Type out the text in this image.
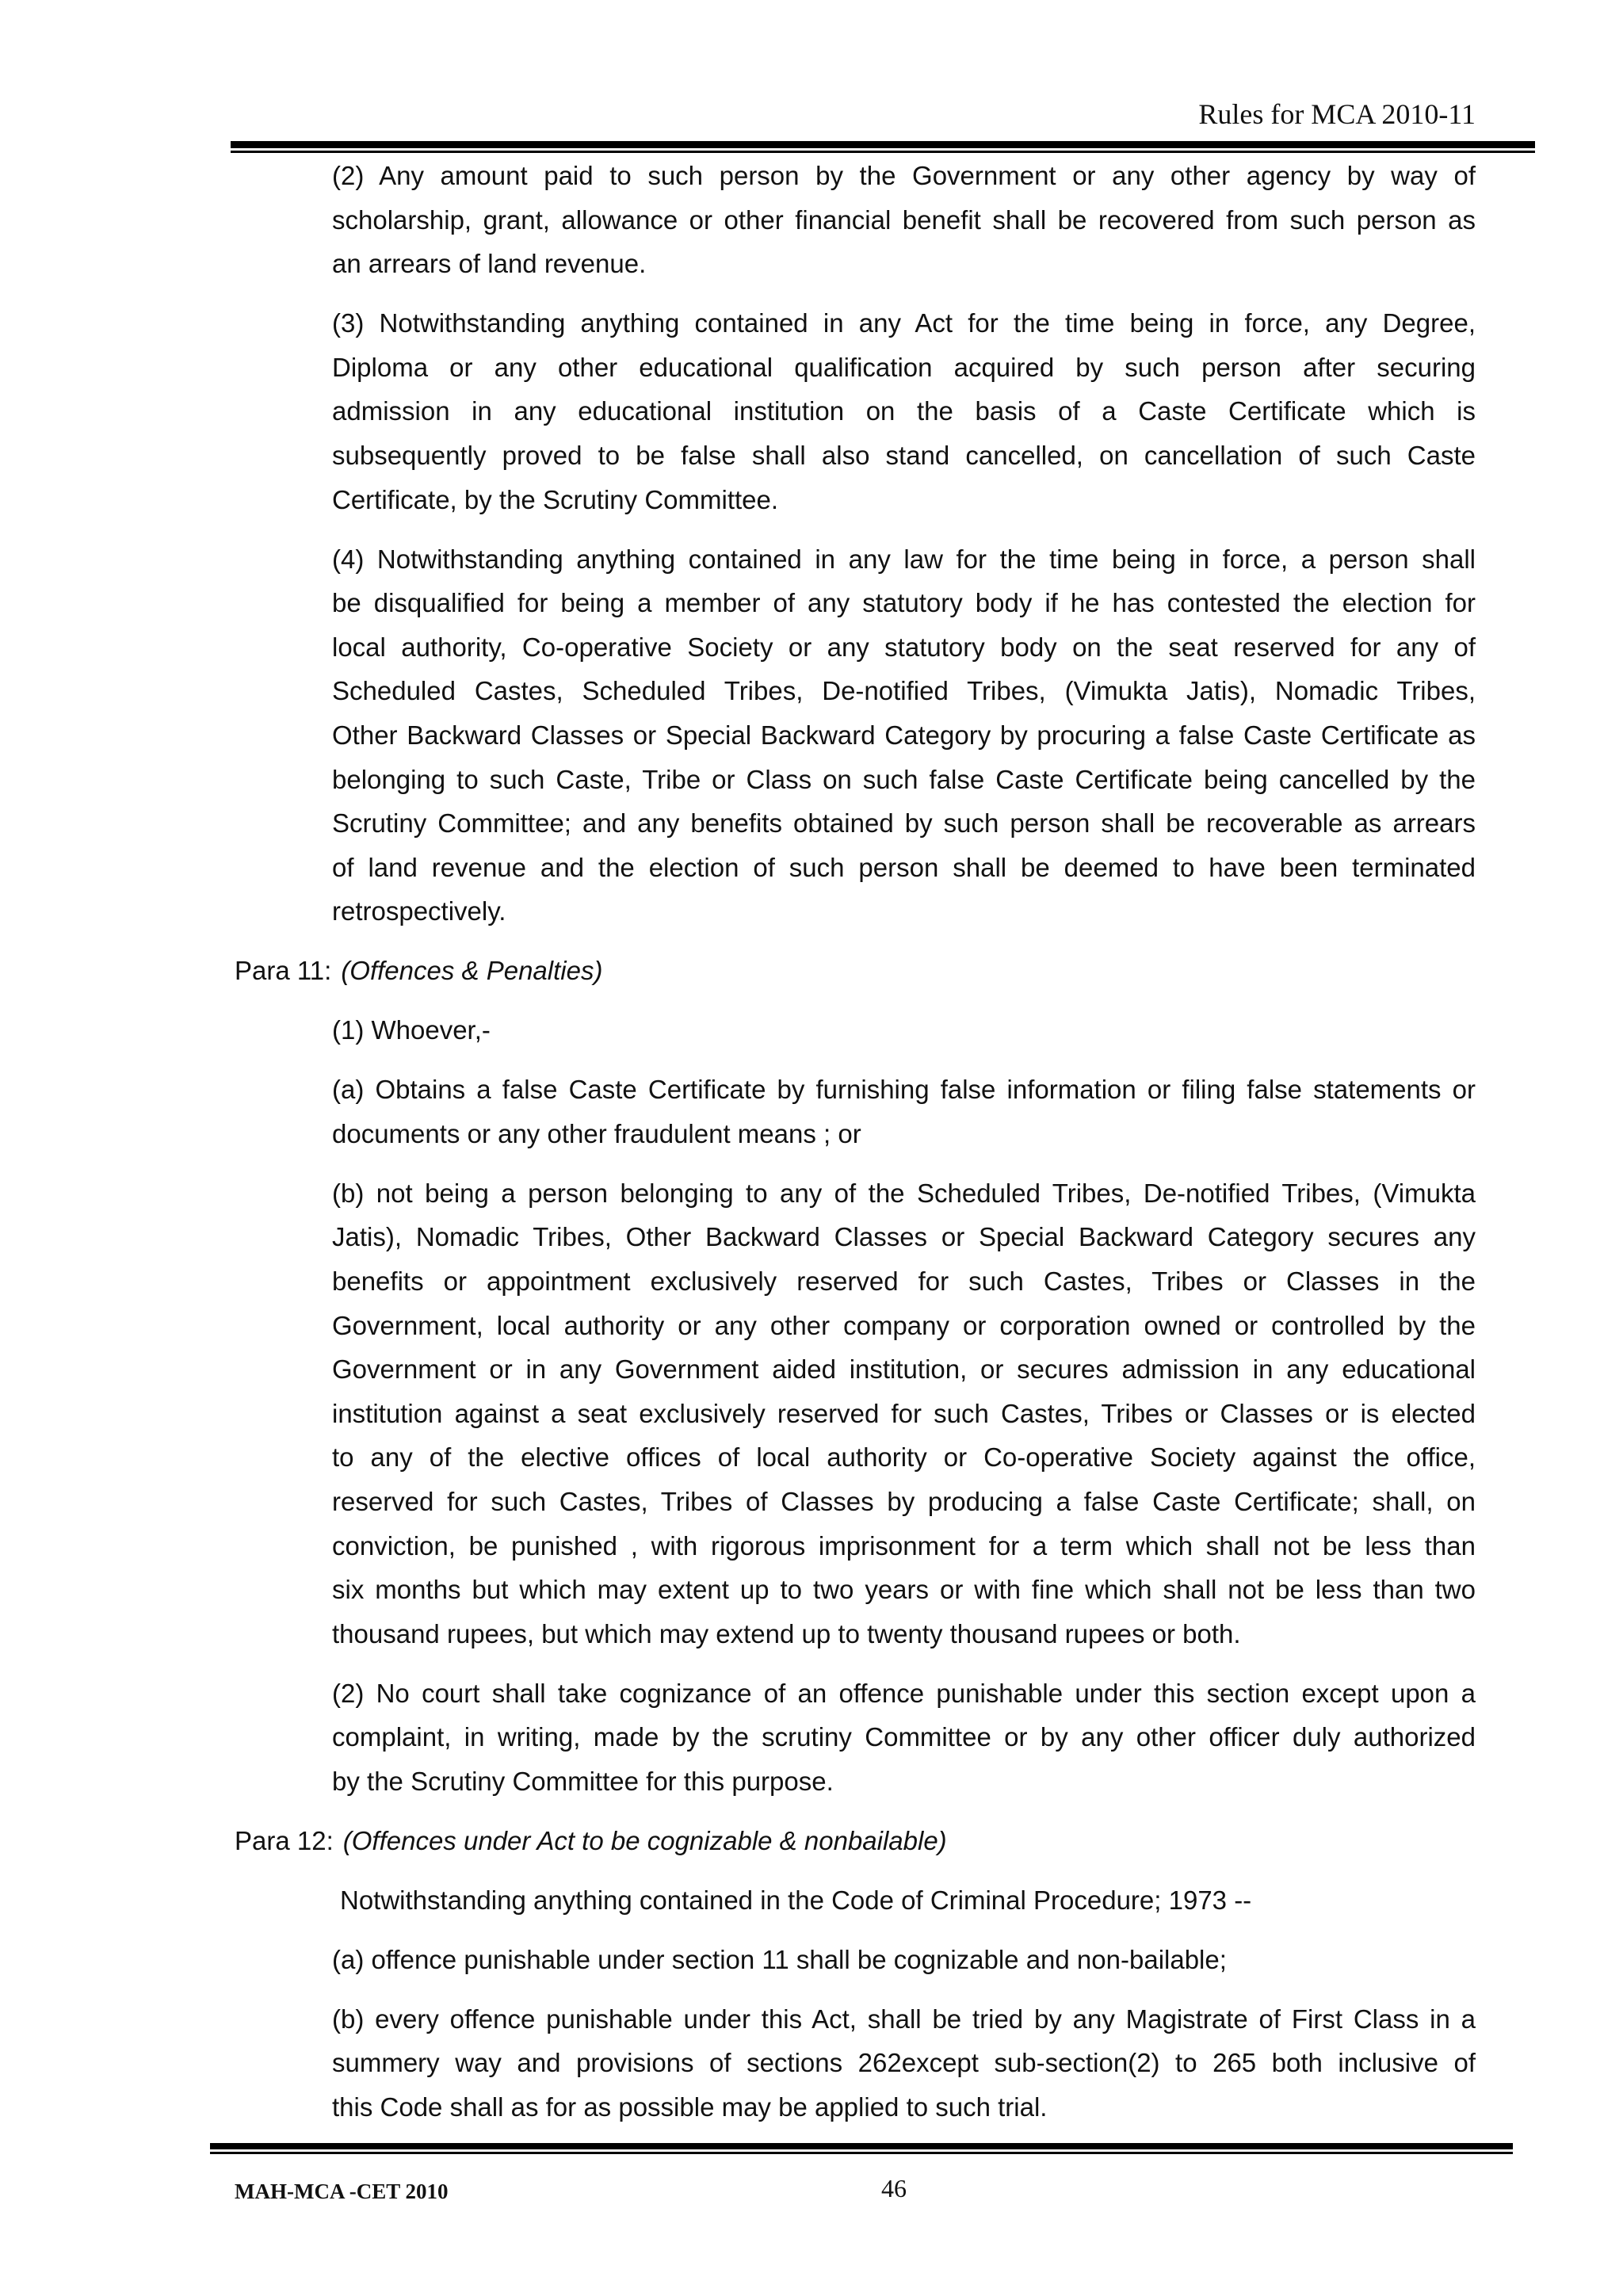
Rules for MCA 2010-11
(2) Any amount paid to such person by the Government or any other agency by way of
scholarship, grant, allowance or other financial benefit shall be recovered from such person as
an arrears of land revenue.
(3) Notwithstanding anything contained in any Act for the time being in force, any Degree,
Diploma or any other educational qualification acquired by such person after securing
admission in any educational institution on the basis of a Caste Certificate which is
subsequently proved to be false shall also stand cancelled, on cancellation of such Caste
Certificate, by the Scrutiny Committee.
(4) Notwithstanding anything contained in any law for the time being in force, a person shall
be disqualified for being a member of any statutory body if he has contested the election for
local authority, Co-operative Society or any statutory body on the seat reserved for any of
Scheduled Castes, Scheduled Tribes, De-notified Tribes, (Vimukta Jatis), Nomadic Tribes,
Other Backward Classes or Special Backward Category by procuring a false Caste Certificate as
belonging to such Caste, Tribe or Class on such false Caste Certificate being cancelled by the
Scrutiny Committee; and any benefits obtained by such person shall be recoverable as arrears
of land revenue and the election of such person shall be deemed to have been terminated
retrospectively.
Para 11: (Offences & Penalties)
(1) Whoever,-
(a) Obtains a false Caste Certificate by furnishing false information or filing false statements or
documents or any other fraudulent means ; or
(b) not being a person belonging to any of the Scheduled Tribes, De-notified Tribes, (Vimukta
Jatis), Nomadic Tribes, Other Backward Classes or Special Backward Category secures any
benefits or appointment exclusively reserved for such Castes, Tribes or Classes in the
Government, local authority or any other company or corporation owned or controlled by the
Government or in any Government aided institution, or secures admission in any educational
institution against a seat exclusively reserved for such Castes, Tribes or Classes or is elected
to any of the elective offices of local authority or Co-operative Society against the office,
reserved for such Castes, Tribes of Classes by producing a false Caste Certificate; shall, on
conviction, be punished , with rigorous imprisonment for a term which shall not be less than
six months but which may extent up to two years or with fine which shall not be less than two
thousand rupees, but which may extend up to twenty thousand rupees or both.
(2) No court shall take cognizance of an offence punishable under this section except upon a
complaint, in writing, made by the scrutiny Committee or by any other officer duly authorized
by the Scrutiny Committee for this purpose.
Para 12: (Offences under Act to be cognizable & nonbailable)
Notwithstanding anything contained in the Code of Criminal Procedure; 1973 --
(a) offence punishable under section 11 shall be cognizable and non-bailable;
(b) every offence punishable under this Act, shall be tried by any Magistrate of First Class in a
summery way and provisions of sections 262except sub-section(2) to 265 both inclusive of
this Code shall as for as possible may be applied to such trial.
MAH-MCA -CET 2010	46
